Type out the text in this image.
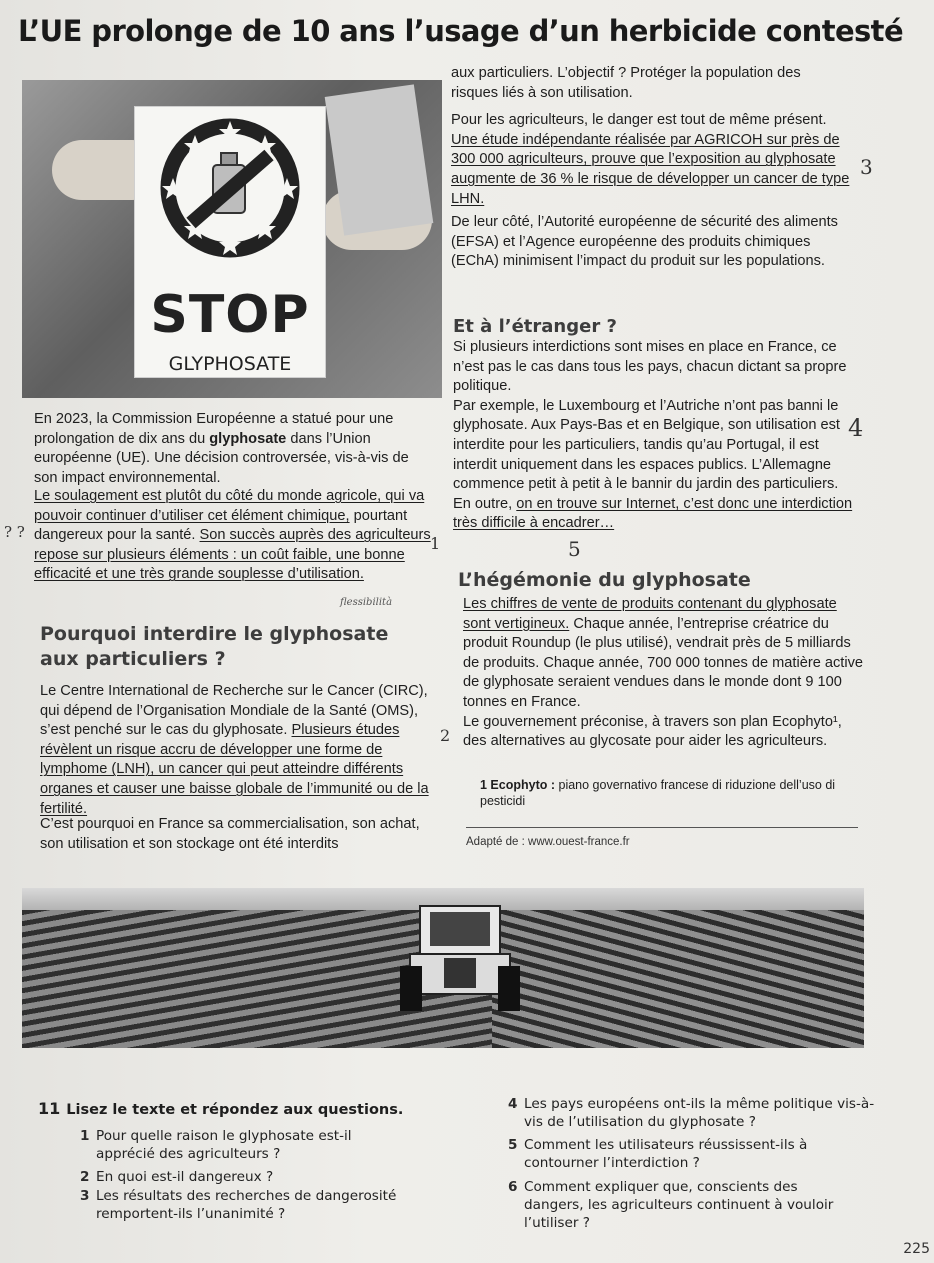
L’UE prolonge de 10 ans l’usage d’un herbicide contesté
STOP
GLYPHOSATE

En 2023, la Commission Européenne a statué pour une prolongation de dix ans du glyphosate dans l’Union européenne (UE). Une décision controversée, vis-à-vis de son impact environnemental.

Le soulagement est plutôt du côté du monde agricole, qui va pouvoir continuer d’utiliser cet élément chimique, pourtant dangereux pour la santé. Son succès auprès des agriculteurs repose sur plusieurs éléments : un coût faible, une bonne efficacité et une très grande souplesse d’utilisation.

Pourquoi interdire le glyphosate aux particuliers ?

Le Centre International de Recherche sur le Cancer (CIRC), qui dépend de l’Organisation Mondiale de la Santé (OMS), s’est penché sur le cas du glyphosate. Plusieurs études révèlent un risque accru de développer une forme de lymphome (LNH), un cancer qui peut atteindre différents organes et causer une baisse globale de l’immunité ou de la fertilité.

C’est pourquoi en France sa commercialisation, son achat, son utilisation et son stockage ont été interdits

aux particuliers. L’objectif ? Protéger la population des risques liés à son utilisation.

Pour les agriculteurs, le danger est tout de même présent. Une étude indépendante réalisée par AGRICOH sur près de 300 000 agriculteurs, prouve que l’exposition au glyphosate augmente de 36 % le risque de développer un cancer de type LHN.

De leur côté, l’Autorité européenne de sécurité des aliments (EFSA) et l’Agence européenne des produits chimiques (EChA) minimisent l’impact du produit sur les populations.

Et à l’étranger ?

Si plusieurs interdictions sont mises en place en France, ce n’est pas le cas dans tous les pays, chacun dictant sa propre politique.

Par exemple, le Luxembourg et l’Autriche n’ont pas banni le glyphosate. Aux Pays-Bas et en Belgique, son utilisation est interdite pour les particuliers, tandis qu’au Portugal, il est interdit uniquement dans les espaces publics. L’Allemagne commence petit à petit à le bannir du jardin des particuliers. En outre, on en trouve sur Internet, c’est donc une interdiction très difficile à encadrer…

L’hégémonie du glyphosate

Les chiffres de vente de produits contenant du glyphosate sont vertigineux. Chaque année, l’entreprise créatrice du produit Roundup (le plus utilisé), vendrait près de 5 milliards de produits. Chaque année, 700 000 tonnes de matière active de glyphosate seraient vendues dans le monde dont 9 100 tonnes en France.

Le gouvernement préconise, à travers son plan Ecophyto¹, des alternatives au glycosate pour aider les agriculteurs.

1 Ecophyto : piano governativo francese di riduzione dell’uso di pesticidi
Adapté de : www.ouest-france.fr
11 Lisez le texte et répondez aux questions.
1 Pour quelle raison le glyphosate est-il apprécié des agriculteurs ?
2 En quoi est-il dangereux ?
3 Les résultats des recherches de dangerosité remportent-ils l’unanimité ?
4 Les pays européens ont-ils la même politique vis-à-vis de l’utilisation du glyphosate ?
5 Comment les utilisateurs réussissent-ils à contourner l’interdiction ?
6 Comment expliquer que, conscients des dangers, les agriculteurs continuent à vouloir l’utiliser ?
225
3
4
5
1
2
? ?
flessibilità
